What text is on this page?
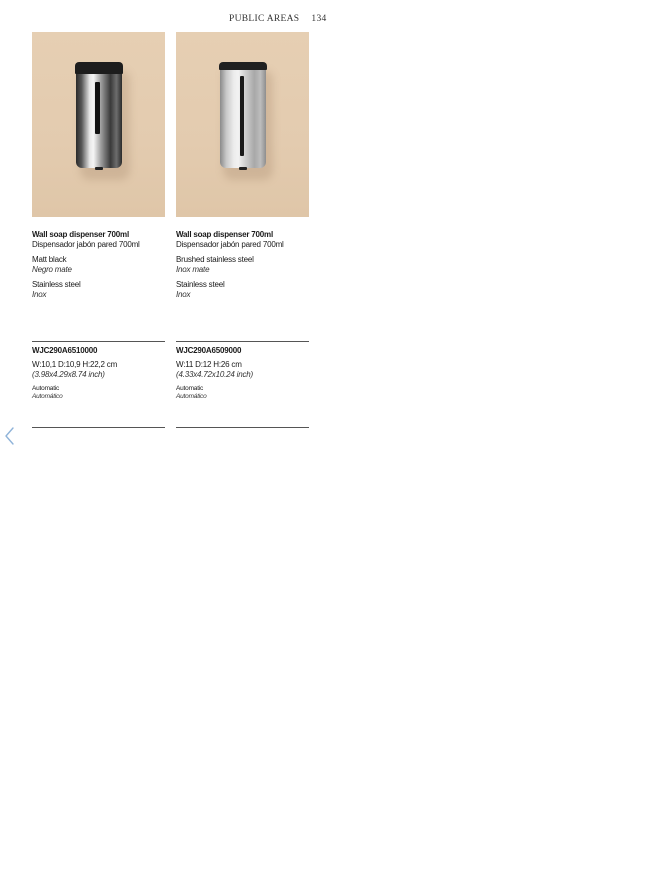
PUBLIC AREAS 134
Wall soap dispenser 700ml
Dispensador jabón pared 700ml
Matt black
Negro mate
Stainless steel
Inox
WJC290A6510000
W:10,1 D:10,9 H:22,2 cm
(3.98x4.29x8.74 inch)
Automatic
Automático
Wall soap dispenser 700ml
Dispensador jabón pared 700ml
Brushed stainless steel
Inox mate
Stainless steel
Inox
WJC290A6509000
W:11 D:12 H:26 cm
(4.33x4.72x10.24 inch)
Automatic
Automático
